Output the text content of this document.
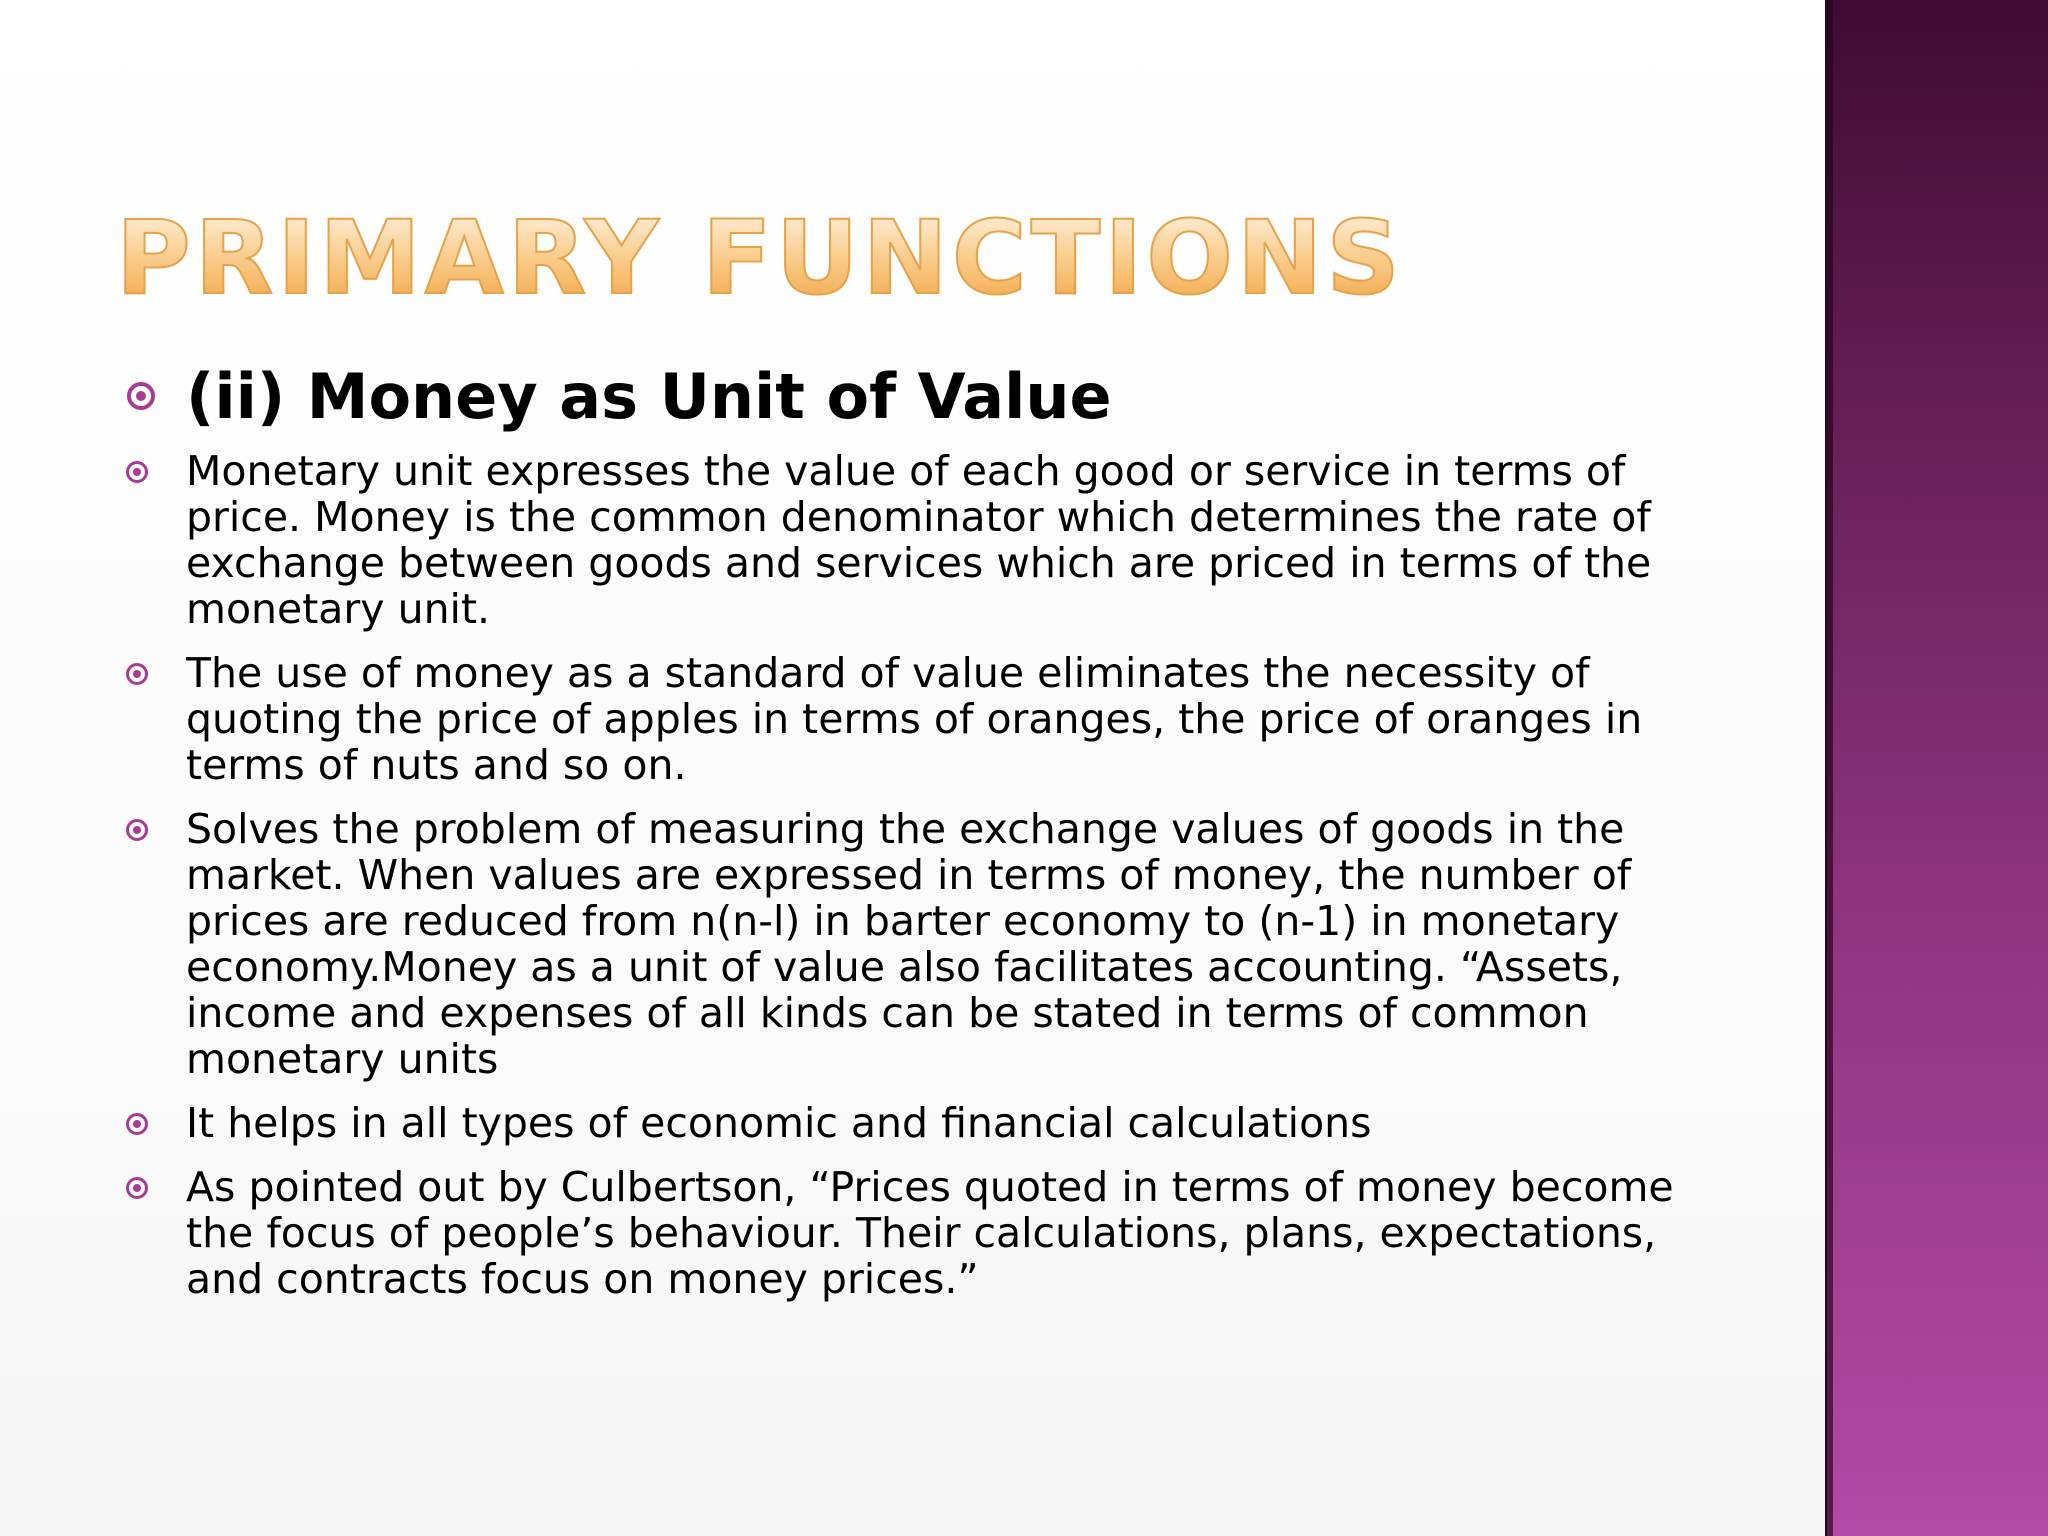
PRIMARY FUNCTIONS
(ii) Money as Unit of Value
Monetary unit expresses the value of each good or service in terms of price. Money is the common denominator which determines the rate of exchange between goods and services which are priced in terms of the monetary unit.
The use of money as a standard of value eliminates the necessity of quoting the price of apples in terms of oranges, the price of oranges in terms of nuts and so on.
Solves the problem of measuring the exchange values of goods in the market. When values are expressed in terms of money, the number of prices are reduced from n(n-l) in barter economy to (n-1) in monetary economy.Money as a unit of value also facilitates accounting. “Assets, income and expenses of all kinds can be stated in terms of common monetary units
It helps in all types of economic and financial calculations
As pointed out by Culbertson, “Prices quoted in terms of money become the focus of people’s behaviour. Their calculations, plans, expectations, and contracts focus on money prices.”
